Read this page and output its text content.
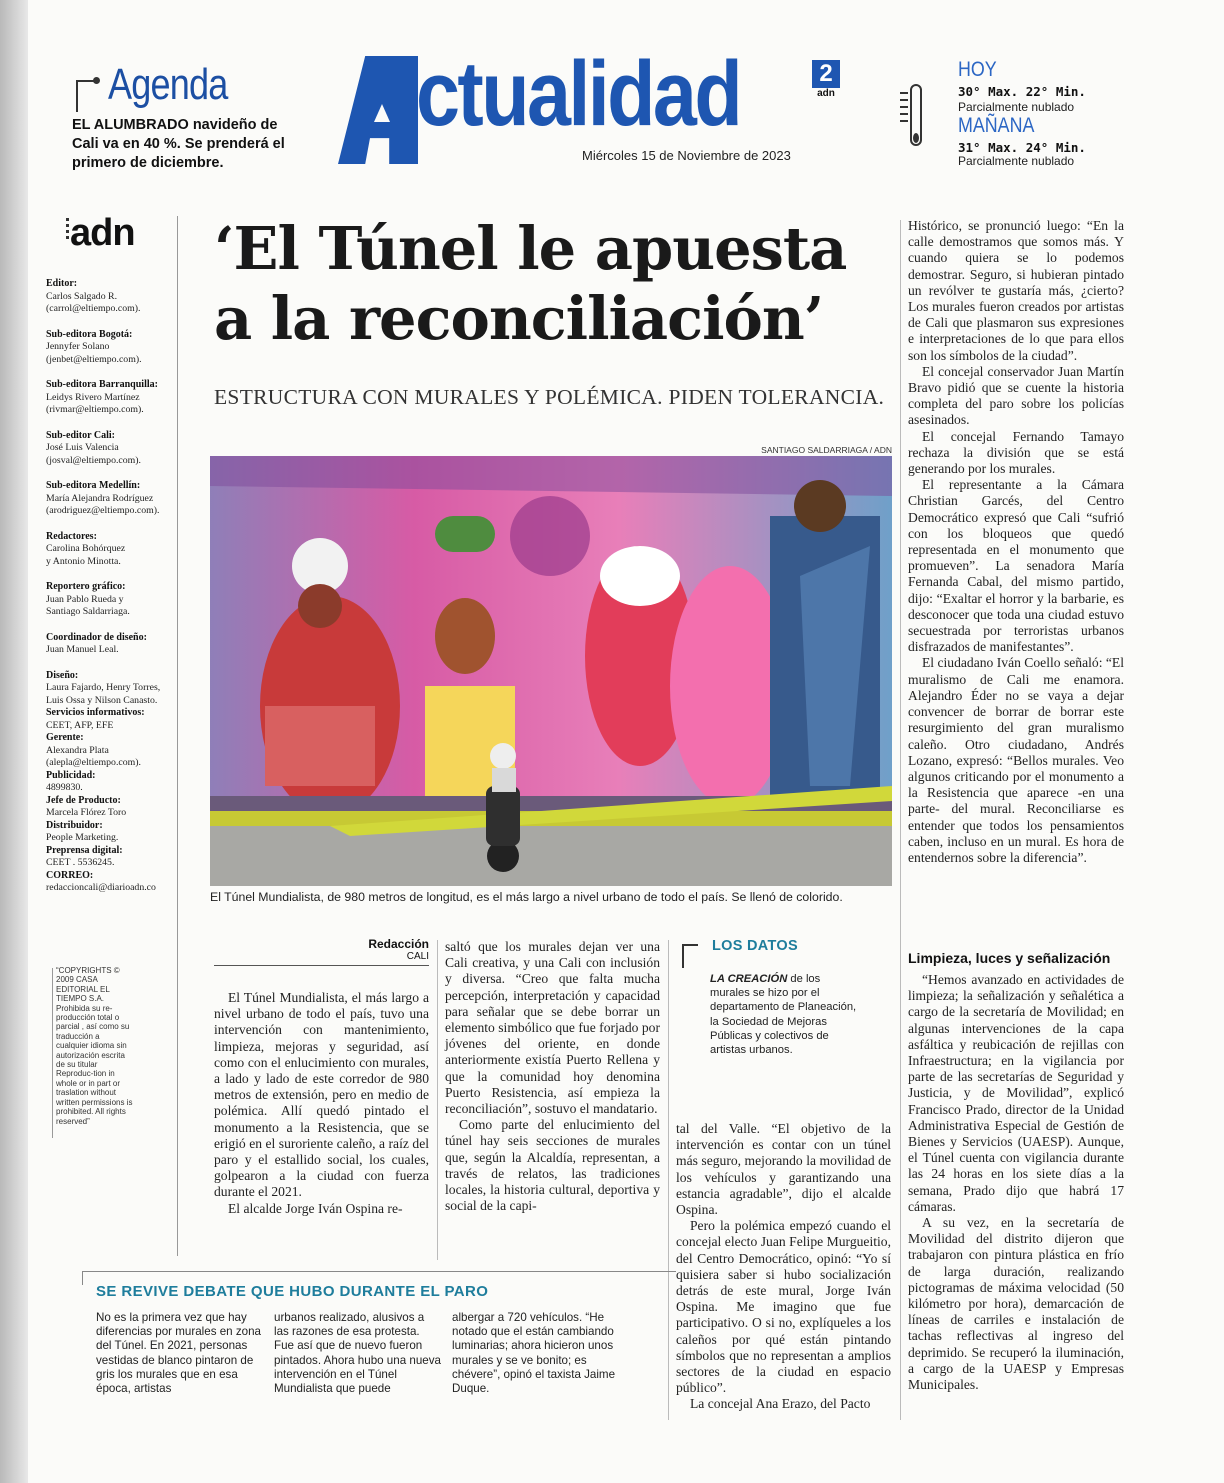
Agenda
EL ALUMBRADO navideño de Cali va en 40 %. Se prenderá el primero de diciembre.
ctualidad
Miércoles 15 de Noviembre de 2023
2
adn
HOY
30° Max. 22° Min.
Parcialmente nublado
MAÑANA
31° Max. 24° Min.
Parcialmente nublado
adn
Editor:
Carlos Salgado R.
(carrol@eltiempo.com).
Sub-editora Bogotá:
Jennyfer Solano
(jenbet@eltiempo.com).
Sub-editora Barranquilla:
Leidys Rivero Martínez
(rivmar@eltiempo.com).
Sub-editor Cali:
José Luis Valencia
(josval@eltiempo.com).
Sub-editora Medellín:
María Alejandra Rodríguez
(arodriguez@eltiempo.com).
Redactores:
Carolina Bohórquez
y Antonio Minotta.
Reportero gráfico:
Juan Pablo Rueda y
Santiago Saldarriaga.
Coordinador de diseño:
Juan Manuel Leal.
Diseño:
Laura Fajardo, Henry Torres,
Luis Ossa y Nilson Canasto.
Servicios informativos:
CEET, AFP, EFE
Gerente:
Alexandra Plata
(alepla@eltiempo.com).
Publicidad:
4899830.
Jefe de Producto:
Marcela Flórez Toro
Distribuidor:
People Marketing.
Preprensa digital:
CEET . 5536245.
CORREO:
redaccioncali@diarioadn.co
“COPYRIGHTS © 2009 CASA EDITORIAL EL TIEMPO S.A. Prohibida su re-producción total o parcial , así como su traducción a cualquier idioma sin autorización escrita de su titular Reproduc-tion in whole or in part or traslation without written permissions is prohibited. All rights reserved”
‘El Túnel le apuesta
a la reconciliación’
ESTRUCTURA CON MURALES Y POLÉMICA. PIDEN TOLERANCIA.
SANTIAGO SALDARRIAGA / ADN
El Túnel Mundialista, de 980 metros de longitud, es el más largo a nivel urbano de todo el país. Se llenó de colorido.
Redacción
CALI

El Túnel Mundialista, el más largo a nivel urbano de todo el país, tuvo una intervención con mantenimiento, limpieza, mejoras y seguridad, así como con el enlucimiento con murales, a lado y lado de este corredor de 980 metros de extensión, pero en medio de polémica. Allí quedó pintado el monumento a la Resistencia, que se erigió en el suroriente caleño, a raíz del paro y el estallido social, los cuales, golpearon a la ciudad con fuerza durante el 2021.

El alcalde Jorge Iván Ospina re-

saltó que los murales dejan ver una Cali creativa, y una Cali con inclusión y diversa. “Creo que falta mucha percepción, interpretación y capacidad para señalar que se debe borrar un elemento simbólico que fue forjado por jóvenes del oriente, en donde anteriormente existía Puerto Rellena y que la comunidad hoy denomina Puerto Resistencia, así empieza la reconciliación”, sostuvo el mandatario.

Como parte del enlucimiento del túnel hay seis secciones de murales que, según la Alcaldía, representan, a través de relatos, las tradiciones locales, la historia cultural, deportiva y social de la capi-

tal del Valle. “El objetivo de la intervención es contar con un túnel más seguro, mejorando la movilidad de los vehículos y garantizando una estancia agradable”, dijo el alcalde Ospina.

Pero la polémica empezó cuando el concejal electo Juan Felipe Murgueitio, del Centro Democrático, opinó: “Yo sí quisiera saber si hubo socialización detrás de este mural, Jorge Iván Ospina. Me imagino que fue participativo. O si no, explíqueles a los caleños por qué están pintando símbolos que no representan a amplios sectores de la ciudad en espacio público”.

La concejal Ana Erazo, del Pacto

Histórico, se pronunció luego: “En la calle demostramos que somos más. Y cuando quiera se lo podemos demostrar. Seguro, si hubieran pintado un revólver te gustaría más, ¿cierto? Los murales fueron creados por artistas de Cali que plasmaron sus expresiones e interpretaciones de lo que para ellos son los símbolos de la ciudad”.

El concejal conservador Juan Martín Bravo pidió que se cuente la historia completa del paro sobre los policías asesinados.

El concejal Fernando Tamayo rechaza la división que se está generando por los murales.

El representante a la Cámara Christian Garcés, del Centro Democrático expresó que Cali “sufrió con los bloqueos que quedó representada en el monumento que promueven”. La senadora María Fernanda Cabal, del mismo partido, dijo: “Exaltar el horror y la barbarie, es desconocer que toda una ciudad estuvo secuestrada por terroristas urbanos disfrazados de manifestantes”.

El ciudadano Iván Coello señaló: “El muralismo de Cali me enamora. Alejandro Éder no se vaya a dejar convencer de borrar de borrar este resurgimiento del gran muralismo caleño. Otro ciudadano, Andrés Lozano, expresó: “Bellos murales. Veo algunos criticando por el monumento a la Resistencia que aparece -en una parte- del mural. Reconciliarse es entender que todos los pensamientos caben, incluso en un mural. Es hora de entendernos sobre la diferencia”.

Limpieza, luces y señalización

“Hemos avanzado en actividades de limpieza; la señalización y señalética a cargo de la secretaría de Movilidad; en algunas intervenciones de la capa asfáltica y reubicación de rejillas con Infraestructura; en la vigilancia por parte de las secretarías de Seguridad y Justicia, y de Movilidad”, explicó Francisco Prado, director de la Unidad Administrativa Especial de Gestión de Bienes y Servicios (UAESP). Aunque, el Túnel cuenta con vigilancia durante las 24 horas en los siete días a la semana, Prado dijo que habrá 17 cámaras.

A su vez, en la secretaría de Movilidad del distrito dijeron que trabajaron con pintura plástica en frío de larga duración, realizando pictogramas de máxima velocidad (50 kilómetro por hora), demarcación de líneas de carriles e instalación de tachas reflectivas al ingreso del deprimido. Se recuperó la iluminación, a cargo de la UAESP y Empresas Municipales.

LOS DATOS
LA CREACIÓN de los murales se hizo por el departamento de Planeación, la Sociedad de Mejoras Públicas y colectivos de artistas urbanos.
SE REVIVE DEBATE QUE HUBO DURANTE EL PARO
No es la primera vez que hay diferencias por murales en zona del Túnel. En 2021, personas vestidas de blanco pintaron de gris los murales que en esa época, artistas
urbanos realizado, alusivos a las razones de esa protesta. Fue así que de nuevo fueron pintados. Ahora hubo una nueva intervención en el Túnel Mundialista que puede
albergar a 720 vehículos. “He notado que el están cambiando luminarias; ahora hicieron unos murales y se ve bonito; es chévere”, opinó el taxista Jaime Duque.
